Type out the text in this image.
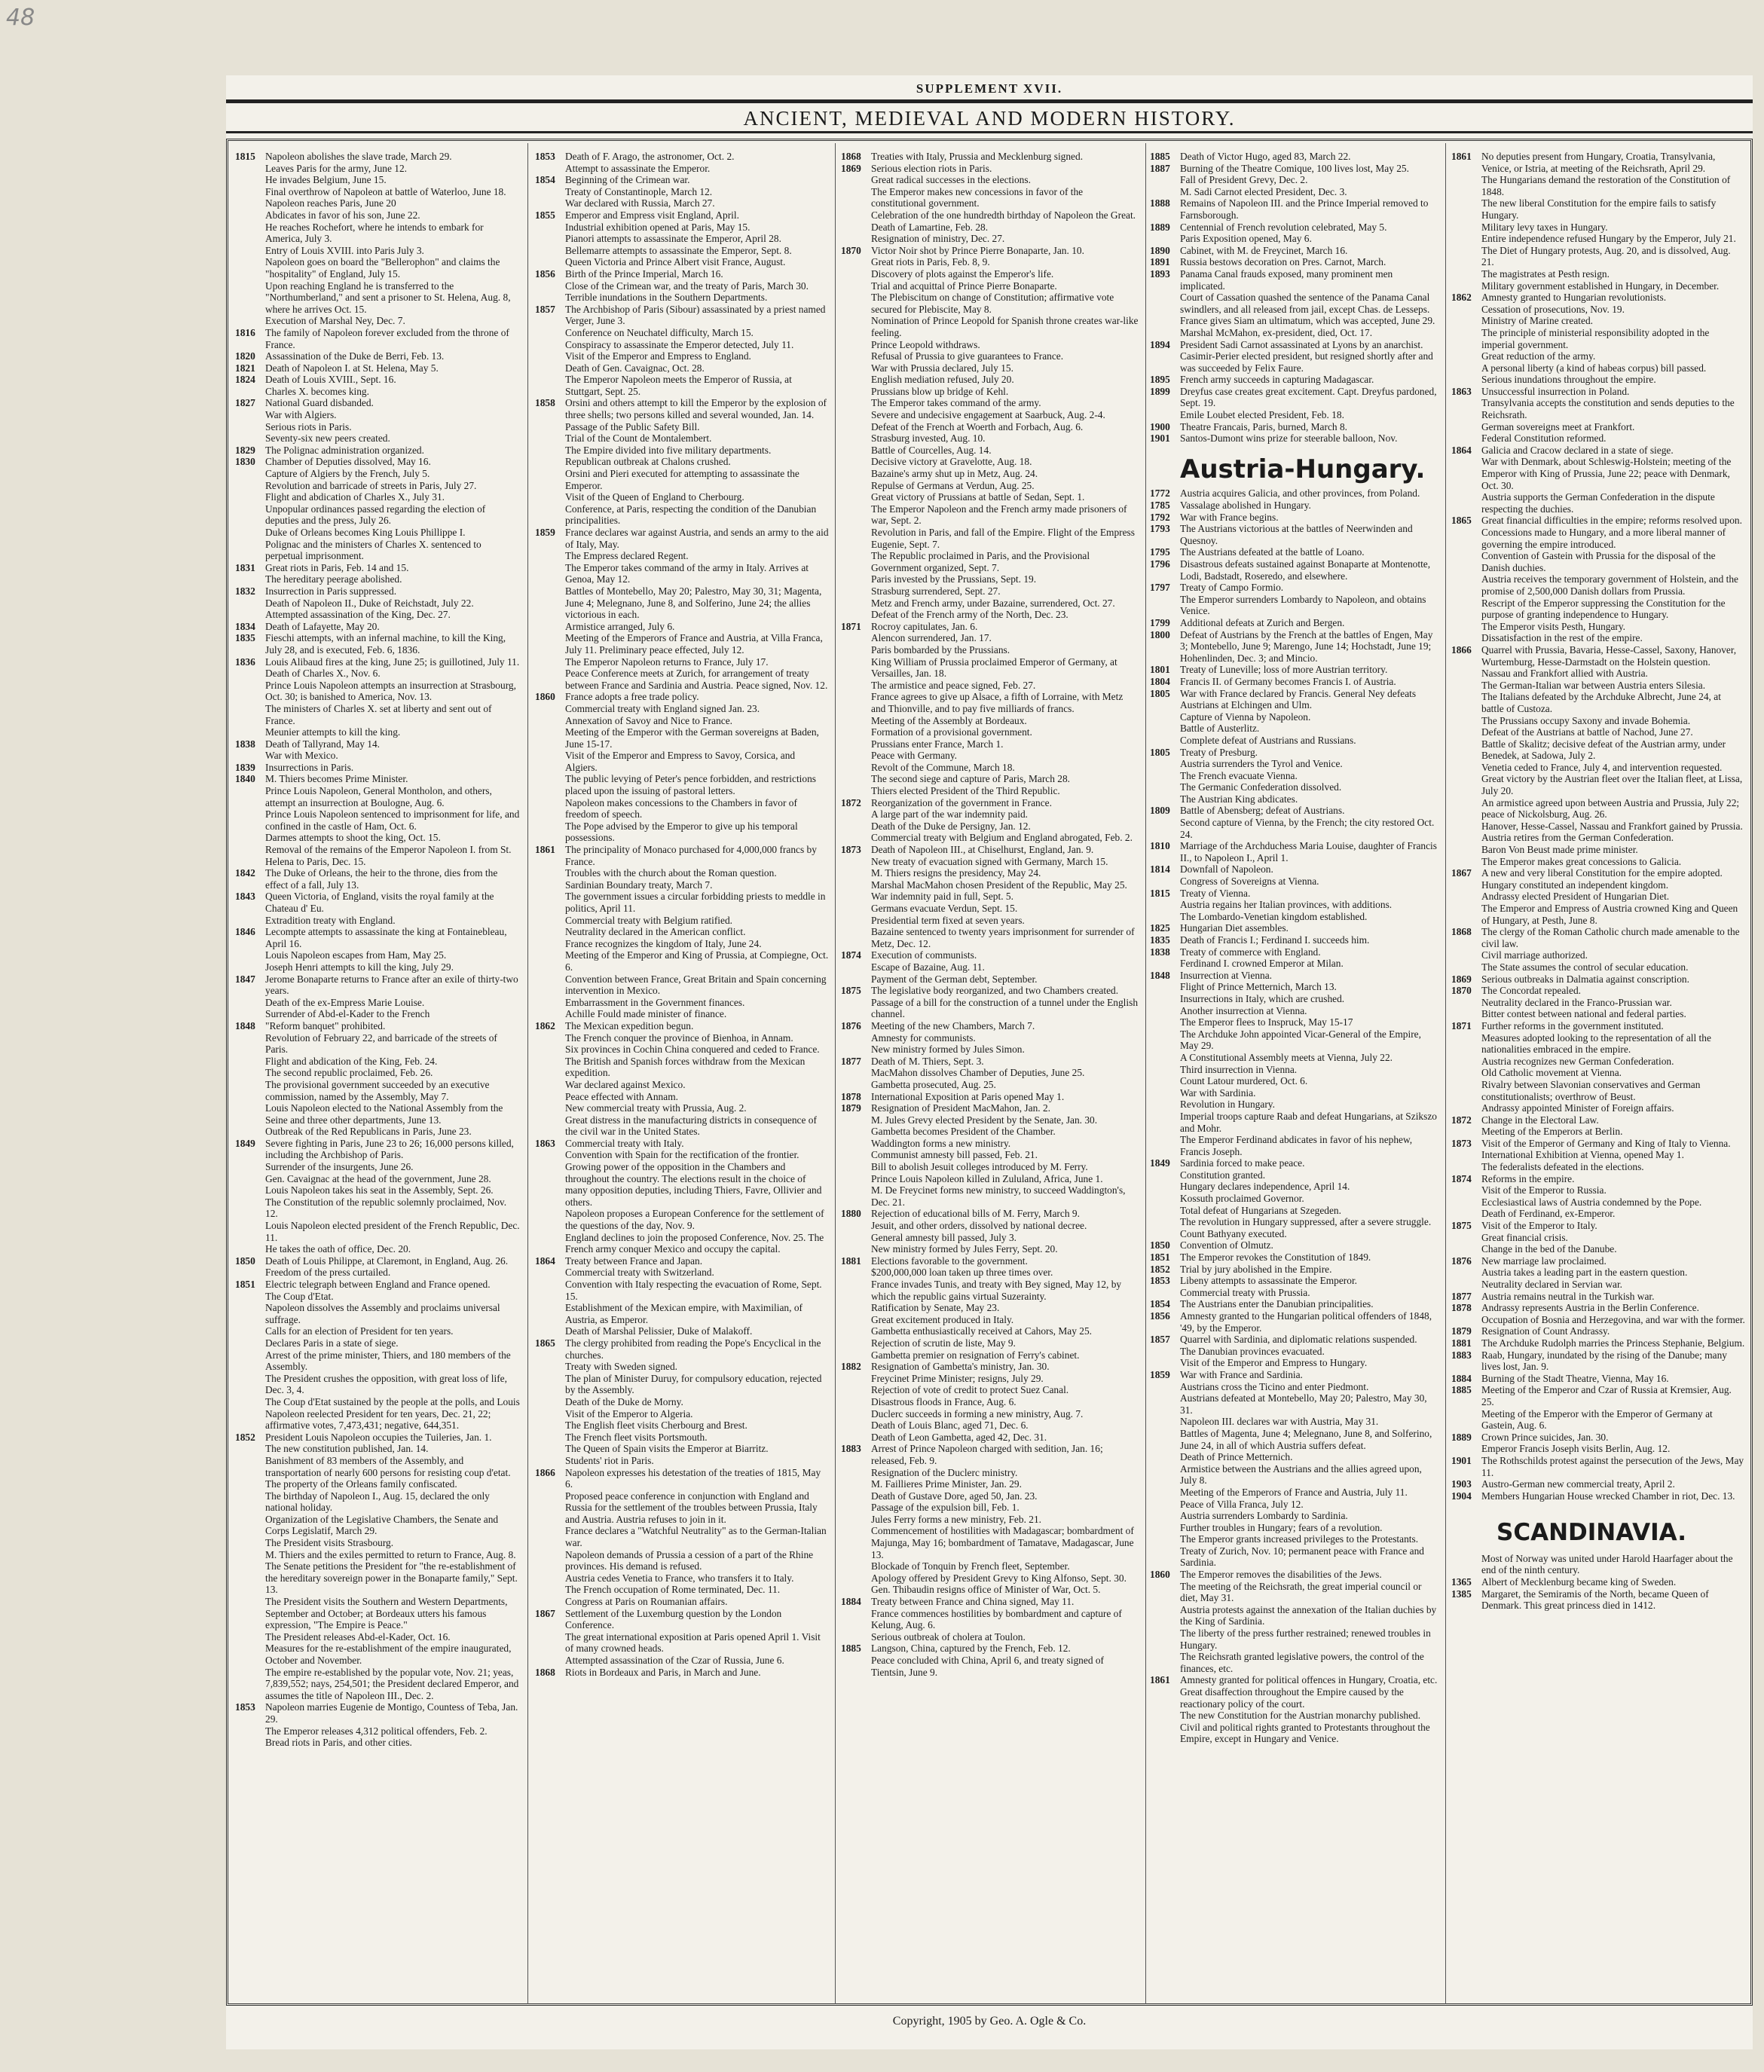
48
SUPPLEMENT XVII.
ANCIENT, MEDIEVAL AND MODERN HISTORY.
1815 Napoleon abolishes the slave trade, March 29.
Leaves Paris for the army, June 12.
He invades Belgium, June 15.
Final overthrow of Napoleon at battle of Waterloo, June 18.
Napoleon reaches Paris, June 20
Abdicates in favor of his son, June 22.
He reaches Rochefort, where he intends to embark for America, July 3.
Entry of Louis XVIII. into Paris July 3.
Napoleon goes on board the "Bellerophon" and claims the "hospitality" of England, July 15.
Upon reaching England he is transferred to the "Northumberland," and sent a prisoner to St. Helena, Aug. 8, where he arrives Oct. 15.
Execution of Marshal Ney, Dec. 7.
1816 The family of Napoleon forever excluded from the throne of France.
1820 Assassination of the Duke de Berri, Feb. 13.
1821 Death of Napoleon I. at St. Helena, May 5.
1824 Death of Louis XVIII., Sept. 16.
Charles X. becomes king.
1827 National Guard disbanded.
War with Algiers.
Serious riots in Paris.
Seventy-six new peers created.
1829 The Polignac administration organized.
1830 Chamber of Deputies dissolved, May 16.
Capture of Algiers by the French, July 5.
Revolution and barricade of streets in Paris, July 27.
Flight and abdication of Charles X., July 31.
Unpopular ordinances passed regarding the election of deputies and the press, July 26.
Duke of Orleans becomes King Louis Phillippe I.
Polignac and the ministers of Charles X. sentenced to perpetual imprisonment.
1831 Great riots in Paris, Feb. 14 and 15.
The hereditary peerage abolished.
1832 Insurrection in Paris suppressed.
Death of Napoleon II., Duke of Reichstadt, July 22.
Attempted assassination of the King, Dec. 27.
1834 Death of Lafayette, May 20.
1835 Fieschi attempts, with an infernal machine, to kill the King, July 28, and is executed, Feb. 6, 1836.
1836 Louis Alibaud fires at the king, June 25; is guillotined, July 11.
Death of Charles X., Nov. 6.
Prince Louis Napoleon attempts an insurrection at Strasbourg, Oct. 30; is banished to America, Nov. 13.
The ministers of Charles X. set at liberty and sent out of France.
Meunier attempts to kill the king.
1838 Death of Tallyrand, May 14.
War with Mexico.
1839 Insurrections in Paris.
1840 M. Thiers becomes Prime Minister.
Prince Louis Napoleon, General Montholon, and others, attempt an insurrection at Boulogne, Aug. 6.
Prince Louis Napoleon sentenced to imprisonment for life, and confined in the castle of Ham, Oct. 6.
Darmes attempts to shoot the king, Oct. 15.
Removal of the remains of the Emperor Napoleon I. from St. Helena to Paris, Dec. 15.
1842 The Duke of Orleans, the heir to the throne, dies from the effect of a fall, July 13.
1843 Queen Victoria, of England, visits the royal family at the Chateau d' Eu.
Extradition treaty with England.
1846 Lecompte attempts to assassinate the king at Fontainebleau, April 16.
Louis Napoleon escapes from Ham, May 25.
Joseph Henri attempts to kill the king, July 29.
1847 Jerome Bonaparte returns to France after an exile of thirty-two years.
Death of the ex-Empress Marie Louise.
Surrender of Abd-el-Kader to the French
1848 "Reform banquet" prohibited.
Revolution of February 22, and barricade of the streets of Paris.
Flight and abdication of the King, Feb. 24.
The second republic proclaimed, Feb. 26.
The provisional government succeeded by an executive commission, named by the Assembly, May 7.
Louis Napoleon elected to the National Assembly from the Seine and three other departments, June 13.
Outbreak of the Red Republicans in Paris, June 23.
1849 Severe fighting in Paris, June 23 to 26; 16,000 persons killed, including the Archbishop of Paris.
Surrender of the insurgents, June 26.
Gen. Cavaignac at the head of the government, June 28.
Louis Napoleon takes his seat in the Assembly, Sept. 26.
The Constitution of the republic solemnly proclaimed, Nov. 12.
Louis Napoleon elected president of the French Republic, Dec. 11.
He takes the oath of office, Dec. 20.
1850 Death of Louis Philippe, at Claremont, in England, Aug. 26.
Freedom of the press curtailed.
1851 Electric telegraph between England and France opened.
The Coup d'Etat.
Napoleon dissolves the Assembly and proclaims universal suffrage.
Calls for an election of President for ten years.
Declares Paris in a state of siege.
Arrest of the prime minister, Thiers, and 180 members of the Assembly.
The President crushes the opposition, with great loss of life, Dec. 3, 4.
The Coup d'Etat sustained by the people at the polls, and Louis Napoleon reelected President for ten years, Dec. 21, 22; affirmative votes, 7,473,431; negative, 644,351.
1852 President Louis Napoleon occupies the Tuileries, Jan. 1.
The new constitution published, Jan. 14.
Banishment of 83 members of the Assembly, and transportation of nearly 600 persons for resisting coup d'etat.
The property of the Orleans family confiscated.
The birthday of Napoleon I., Aug. 15, declared the only national holiday.
Organization of the Legislative Chambers, the Senate and Corps Legislatif, March 29.
The President visits Strasbourg.
M. Thiers and the exiles permitted to return to France, Aug. 8.
The Senate petitions the President for "the re-establishment of the hereditary sovereign power in the Bonaparte family," Sept. 13.
The President visits the Southern and Western Departments, September and October; at Bordeaux utters his famous expression, "The Empire is Peace."
The President releases Abd-el-Kader, Oct. 16.
Measures for the re-establishment of the empire inaugurated, October and November.
The empire re-established by the popular vote, Nov. 21; yeas, 7,839,552; nays, 254,501; the President declared Emperor, and assumes the title of Napoleon III., Dec. 2.
1853 Napoleon marries Eugenie de Montigo, Countess of Teba, Jan. 29.
The Emperor releases 4,312 political offenders, Feb. 2.
Bread riots in Paris, and other cities.
1853 Death of F. Arago, the astronomer, Oct. 2.
Attempt to assassinate the Emperor.
1854 Beginning of the Crimean war.
Treaty of Constantinople, March 12.
War declared with Russia, March 27.
1855 Emperor and Empress visit England, April.
Industrial exhibition opened at Paris, May 15.
Pianori attempts to assassinate the Emperor, April 28.
Bellemarre attempts to assassinate the Emperor, Sept. 8.
Queen Victoria and Prince Albert visit France, August.
1856 Birth of the Prince Imperial, March 16.
Close of the Crimean war, and the treaty of Paris, March 30.
Terrible inundations in the Southern Departments.
1857 The Archbishop of Paris (Sibour) assassinated by a priest named Verger, June 3.
Conference on Neuchatel difficulty, March 15.
Conspiracy to assassinate the Emperor detected, July 11.
Visit of the Emperor and Empress to England.
Death of Gen. Cavaignac, Oct. 28.
The Emperor Napoleon meets the Emperor of Russia, at Stuttgart, Sept. 25.
1858 Orsini and others attempt to kill the Emperor by the explosion of three shells; two persons killed and several wounded, Jan. 14.
Passage of the Public Safety Bill.
Trial of the Count de Montalembert.
The Empire divided into five military departments.
Republican outbreak at Chalons crushed.
Orsini and Pieri executed for attempting to assassinate the Emperor.
Visit of the Queen of England to Cherbourg.
Conference, at Paris, respecting the condition of the Danubian principalities.
1859 France declares war against Austria, and sends an army to the aid of Italy, May.
The Empress declared Regent.
The Emperor takes command of the army in Italy. Arrives at Genoa, May 12.
Battles of Montebello, May 20; Palestro, May 30, 31; Magenta, June 4; Melegnano, June 8, and Solferino, June 24; the allies victorious in each.
Armistice arranged, July 6.
Meeting of the Emperors of France and Austria, at Villa Franca, July 11. Preliminary peace effected, July 12.
The Emperor Napoleon returns to France, July 17.
Peace Conference meets at Zurich, for arrangement of treaty between France and Sardinia and Austria. Peace signed, Nov. 12.
1860 France adopts a free trade policy.
Commercial treaty with England signed Jan. 23.
Annexation of Savoy and Nice to France.
Meeting of the Emperor with the German sovereigns at Baden, June 15-17.
Visit of the Emperor and Empress to Savoy, Corsica, and Algiers.
The public levying of Peter's pence forbidden, and restrictions placed upon the issuing of pastoral letters.
Napoleon makes concessions to the Chambers in favor of freedom of speech.
The Pope advised by the Emperor to give up his temporal possessions.
1861 The principality of Monaco purchased for 4,000,000 francs by France.
Troubles with the church about the Roman question.
Sardinian Boundary treaty, March 7.
The government issues a circular forbidding priests to meddle in politics, April 11.
Commercial treaty with Belgium ratified.
Neutrality declared in the American conflict.
France recognizes the kingdom of Italy, June 24.
Meeting of the Emperor and King of Prussia, at Compiegne, Oct. 6.
Convention between France, Great Britain and Spain concerning intervention in Mexico.
Embarrassment in the Government finances.
Achille Fould made minister of finance.
1862 The Mexican expedition begun.
The French conquer the province of Bienhoa, in Annam.
Six provinces in Cochin China conquered and ceded to France.
The British and Spanish forces withdraw from the Mexican expedition.
War declared against Mexico.
Peace effected with Annam.
New commercial treaty with Prussia, Aug. 2.
Great distress in the manufacturing districts in consequence of the civil war in the United States.
1863 Commercial treaty with Italy.
Convention with Spain for the rectification of the frontier.
Growing power of the opposition in the Chambers and throughout the country. The elections result in the choice of many opposition deputies, including Thiers, Favre, Ollivier and others.
Napoleon proposes a European Conference for the settlement of the questions of the day, Nov. 9.
England declines to join the proposed Conference, Nov. 25. The French army conquer Mexico and occupy the capital.
1864 Treaty between France and Japan.
Commercial treaty with Switzerland.
Convention with Italy respecting the evacuation of Rome, Sept. 15.
Establishment of the Mexican empire, with Maximilian, of Austria, as Emperor.
Death of Marshal Pelissier, Duke of Malakoff.
1865 The clergy prohibited from reading the Pope's Encyclical in the churches.
Treaty with Sweden signed.
The plan of Minister Duruy, for compulsory education, rejected by the Assembly.
Death of the Duke de Morny.
Visit of the Emperor to Algeria.
The English fleet visits Cherbourg and Brest.
The French fleet visits Portsmouth.
The Queen of Spain visits the Emperor at Biarritz.
Students' riot in Paris.
1866 Napoleon expresses his detestation of the treaties of 1815, May 6.
Proposed peace conference in conjunction with England and Russia for the settlement of the troubles between Prussia, Italy and Austria. Austria refuses to join in it.
France declares a "Watchful Neutrality" as to the German-Italian war.
Napoleon demands of Prussia a cession of a part of the Rhine provinces. His demand is refused.
Austria cedes Venetia to France, who transfers it to Italy.
The French occupation of Rome terminated, Dec. 11.
Congress at Paris on Roumanian affairs.
1867 Settlement of the Luxemburg question by the London Conference.
The great international exposition at Paris opened April 1. Visit of many crowned heads.
Attempted assassination of the Czar of Russia, June 6.
1868 Riots in Bordeaux and Paris, in March and June.
1868 Treaties with Italy, Prussia and Mecklenburg signed.
1869 Serious election riots in Paris.
Great radical successes in the elections.
The Emperor makes new concessions in favor of the constitutional government.
Celebration of the one hundredth birthday of Napoleon the Great.
Death of Lamartine, Feb. 28.
Resignation of ministry, Dec. 27.
1870 Victor Noir shot by Prince Pierre Bonaparte, Jan. 10.
Great riots in Paris, Feb. 8, 9.
Discovery of plots against the Emperor's life.
Trial and acquittal of Prince Pierre Bonaparte.
The Plebiscitum on change of Constitution; affirmative vote secured for Plebiscite, May 8.
Nomination of Prince Leopold for Spanish throne creates war-like feeling.
Prince Leopold withdraws.
Refusal of Prussia to give guarantees to France.
War with Prussia declared, July 15.
English mediation refused, July 20.
Prussians blow up bridge of Kehl.
The Emperor takes command of the army.
Severe and undecisive engagement at Saarbuck, Aug. 2-4.
Defeat of the French at Woerth and Forbach, Aug. 6.
Strasburg invested, Aug. 10.
Battle of Courcelles, Aug. 14.
Decisive victory at Gravelotte, Aug. 18.
Bazaine's army shut up in Metz, Aug. 24.
Repulse of Germans at Verdun, Aug. 25.
Great victory of Prussians at battle of Sedan, Sept. 1.
The Emperor Napoleon and the French army made prisoners of war, Sept. 2.
Revolution in Paris, and fall of the Empire. Flight of the Empress Eugenie, Sept. 7.
The Republic proclaimed in Paris, and the Provisional Government organized, Sept. 7.
Paris invested by the Prussians, Sept. 19.
Strasburg surrendered, Sept. 27.
Metz and French army, under Bazaine, surrendered, Oct. 27.
Defeat of the French army of the North, Dec. 23.
1871 Rocroy capitulates, Jan. 6.
Alencon surrendered, Jan. 17.
Paris bombarded by the Prussians.
King William of Prussia proclaimed Emperor of Germany, at Versailles, Jan. 18.
The armistice and peace signed, Feb. 27.
France agrees to give up Alsace, a fifth of Lorraine, with Metz and Thionville, and to pay five milliards of francs.
Meeting of the Assembly at Bordeaux.
Formation of a provisional government.
Prussians enter France, March 1.
Peace with Germany.
Revolt of the Commune, March 18.
The second siege and capture of Paris, March 28.
Thiers elected President of the Third Republic.
1872 Reorganization of the government in France.
A large part of the war indemnity paid.
Death of the Duke de Persigny, Jan. 12.
Commercial treaty with Belgium and England abrogated, Feb. 2.
1873 Death of Napoleon III., at Chiselhurst, England, Jan. 9.
New treaty of evacuation signed with Germany, March 15.
M. Thiers resigns the presidency, May 24.
Marshal MacMahon chosen President of the Republic, May 25.
War indemnity paid in full, Sept. 5.
Germans evacuate Verdun, Sept. 15.
Presidential term fixed at seven years.
Bazaine sentenced to twenty years imprisonment for surrender of Metz, Dec. 12.
1874 Execution of communists.
Escape of Bazaine, Aug. 11.
Payment of the German debt, September.
1875 The legislative body reorganized, and two Chambers created.
Passage of a bill for the construction of a tunnel under the English channel.
1876 Meeting of the new Chambers, March 7.
Amnesty for communists.
New ministry formed by Jules Simon.
1877 Death of M. Thiers, Sept. 3.
MacMahon dissolves Chamber of Deputies, June 25.
Gambetta prosecuted, Aug. 25.
1878 International Exposition at Paris opened May 1.
1879 Resignation of President MacMahon, Jan. 2.
M. Jules Grevy elected President by the Senate, Jan. 30.
Gambetta becomes President of the Chamber.
Waddington forms a new ministry.
Communist amnesty bill passed, Feb. 21.
Bill to abolish Jesuit colleges introduced by M. Ferry.
Prince Louis Napoleon killed in Zululand, Africa, June 1.
M. De Freycinet forms new ministry, to succeed Waddington's, Dec. 21.
1880 Rejection of educational bills of M. Ferry, March 9.
Jesuit, and other orders, dissolved by national decree.
General amnesty bill passed, July 3.
New ministry formed by Jules Ferry, Sept. 20.
1881 Elections favorable to the government.
$200,000,000 loan taken up three times over.
France invades Tunis, and treaty with Bey signed, May 12, by which the republic gains virtual Suzerainty.
Ratification by Senate, May 23.
Great excitement produced in Italy.
Gambetta enthusiastically received at Cahors, May 25.
Rejection of scrutin de liste, May 9.
Gambetta premier on resignation of Ferry's cabinet.
1882 Resignation of Gambetta's ministry, Jan. 30.
Freycinet Prime Minister; resigns, July 29.
Rejection of vote of credit to protect Suez Canal.
Disastrous floods in France, Aug. 6.
Duclerc succeeds in forming a new ministry, Aug. 7.
Death of Louis Blanc, aged 71, Dec. 6.
Death of Leon Gambetta, aged 42, Dec. 31.
1883 Arrest of Prince Napoleon charged with sedition, Jan. 16; released, Feb. 9.
Resignation of the Duclerc ministry.
M. Faillieres Prime Minister, Jan. 29.
Death of Gustave Dore, aged 50, Jan. 23.
Passage of the expulsion bill, Feb. 1.
Jules Ferry forms a new ministry, Feb. 21.
Commencement of hostilities with Madagascar; bombardment of Majunga, May 16; bombardment of Tamatave, Madagascar, June 13.
Blockade of Tonquin by French fleet, September.
Apology offered by President Grevy to King Alfonso, Sept. 30.
Gen. Thibaudin resigns office of Minister of War, Oct. 5.
1884 Treaty between France and China signed, May 11.
France commences hostilities by bombardment and capture of Kelung, Aug. 6.
Serious outbreak of cholera at Toulon.
1885 Langson, China, captured by the French, Feb. 12.
Peace concluded with China, April 6, and treaty signed of Tientsin, June 9.
1885 Death of Victor Hugo, aged 83, March 22.
1887 Burning of the Theatre Comique, 100 lives lost, May 25.
Fall of President Grevy, Dec. 2.
M. Sadi Carnot elected President, Dec. 3.
1888 Remains of Napoleon III. and the Prince Imperial removed to Farnsborough.
1889 Centennial of French revolution celebrated, May 5.
Paris Exposition opened, May 6.
1890 Cabinet, with M. de Freycinet, March 16.
1891 Russia bestows decoration on Pres. Carnot, March.
1893 Panama Canal frauds exposed, many prominent men implicated.
Court of Cassation quashed the sentence of the Panama Canal swindlers, and all released from jail, except Chas. de Lesseps.
France gives Siam an ultimatum, which was accepted, June 29.
Marshal McMahon, ex-president, died, Oct. 17.
1894 President Sadi Carnot assassinated at Lyons by an anarchist.
Casimir-Perier elected president, but resigned shortly after and was succeeded by Felix Faure.
1895 French army succeeds in capturing Madagascar.
1899 Dreyfus case creates great excitement. Capt. Dreyfus pardoned, Sept. 19.
Emile Loubet elected President, Feb. 18.
1900 Theatre Francais, Paris, burned, March 8.
1901 Santos-Dumont wins prize for steerable balloon, Nov.
Austria-Hungary.
1772 Austria acquires Galicia, and other provinces, from Poland.
1785 Vassalage abolished in Hungary.
1792 War with France begins.
1793 The Austrians victorious at the battles of Neerwinden and Quesnoy.
1795 The Austrians defeated at the battle of Loano.
1796 Disastrous defeats sustained against Bonaparte at Montenotte, Lodi, Badstadt, Roseredo, and elsewhere.
1797 Treaty of Campo Formio.
The Emperor surrenders Lombardy to Napoleon, and obtains Venice.
1799 Additional defeats at Zurich and Bergen.
1800 Defeat of Austrians by the French at the battles of Engen, May 3; Montebello, June 9; Marengo, June 14; Hochstadt, June 19; Hohenlinden, Dec. 3; and Mincio.
1801 Treaty of Luneville; loss of more Austrian territory.
1804 Francis II. of Germany becomes Francis I. of Austria.
1805 War with France declared by Francis. General Ney defeats Austrians at Elchingen and Ulm.
Capture of Vienna by Napoleon.
Battle of Austerlitz.
Complete defeat of Austrians and Russians.
1805 Treaty of Presburg.
Austria surrenders the Tyrol and Venice.
The French evacuate Vienna.
The Germanic Confederation dissolved.
The Austrian King abdicates.
1809 Battle of Abensberg; defeat of Austrians.
Second capture of Vienna, by the French; the city restored Oct. 24.
1810 Marriage of the Archduchess Maria Louise, daughter of Francis II., to Napoleon I., April 1.
1814 Downfall of Napoleon.
Congress of Sovereigns at Vienna.
1815 Treaty of Vienna.
Austria regains her Italian provinces, with additions.
The Lombardo-Venetian kingdom established.
1825 Hungarian Diet assembles.
1835 Death of Francis I.; Ferdinand I. succeeds him.
1838 Treaty of commerce with England.
Ferdinand I. crowned Emperor at Milan.
1848 Insurrection at Vienna.
Flight of Prince Metternich, March 13.
Insurrections in Italy, which are crushed.
Another insurrection at Vienna.
The Emperor flees to Inspruck, May 15-17
The Archduke John appointed Vicar-General of the Empire, May 29.
A Constitutional Assembly meets at Vienna, July 22.
Third insurrection in Vienna.
Count Latour murdered, Oct. 6.
War with Sardinia.
Revolution in Hungary.
Imperial troops capture Raab and defeat Hungarians, at Szikszo and Mohr.
The Emperor Ferdinand abdicates in favor of his nephew, Francis Joseph.
1849 Sardinia forced to make peace.
Constitution granted.
Hungary declares independence, April 14.
Kossuth proclaimed Governor.
Total defeat of Hungarians at Szegeden.
The revolution in Hungary suppressed, after a severe struggle.
Count Bathyany executed.
1850 Convention of Olmutz.
1851 The Emperor revokes the Constitution of 1849.
1852 Trial by jury abolished in the Empire.
1853 Libeny attempts to assassinate the Emperor.
Commercial treaty with Prussia.
1854 The Austrians enter the Danubian principalities.
1856 Amnesty granted to the Hungarian political offenders of 1848, '49, by the Emperor.
1857 Quarrel with Sardinia, and diplomatic relations suspended.
The Danubian provinces evacuated.
Visit of the Emperor and Empress to Hungary.
1859 War with France and Sardinia.
Austrians cross the Ticino and enter Piedmont.
Austrians defeated at Montebello, May 20; Palestro, May 30, 31.
Napoleon III. declares war with Austria, May 31.
Battles of Magenta, June 4; Melegnano, June 8, and Solferino, June 24, in all of which Austria suffers defeat.
Death of Prince Metternich.
Armistice between the Austrians and the allies agreed upon, July 8.
Meeting of the Emperors of France and Austria, July 11.
Peace of Villa Franca, July 12.
Austria surrenders Lombardy to Sardinia.
Further troubles in Hungary; fears of a revolution.
The Emperor grants increased privileges to the Protestants.
Treaty of Zurich, Nov. 10; permanent peace with France and Sardinia.
1860 The Emperor removes the disabilities of the Jews.
The meeting of the Reichsrath, the great imperial council or diet, May 31.
Austria protests against the annexation of the Italian duchies by the King of Sardinia.
The liberty of the press further restrained; renewed troubles in Hungary.
The Reichsrath granted legislative powers, the control of the finances, etc.
1861 Amnesty granted for political offences in Hungary, Croatia, etc.
Great disaffection throughout the Empire caused by the reactionary policy of the court.
The new Constitution for the Austrian monarchy published.
Civil and political rights granted to Protestants throughout the Empire, except in Hungary and Venice.
1861 No deputies present from Hungary, Croatia, Transylvania, Venice, or Istria, at meeting of the Reichsrath, April 29.
The Hungarians demand the restoration of the Constitution of 1848.
The new liberal Constitution for the empire fails to satisfy Hungary.
Military levy taxes in Hungary.
Entire independence refused Hungary by the Emperor, July 21.
The Diet of Hungary protests, Aug. 20, and is dissolved, Aug. 21.
The magistrates at Pesth resign.
Military government established in Hungary, in December.
1862 Amnesty granted to Hungarian revolutionists.
Cessation of prosecutions, Nov. 19.
Ministry of Marine created.
The principle of ministerial responsibility adopted in the imperial government.
Great reduction of the army.
A personal liberty (a kind of habeas corpus) bill passed.
Serious inundations throughout the empire.
1863 Unsuccessful insurrection in Poland.
Transylvania accepts the constitution and sends deputies to the Reichsrath.
German sovereigns meet at Frankfort.
Federal Constitution reformed.
1864 Galicia and Cracow declared in a state of siege.
War with Denmark, about Schleswig-Holstein; meeting of the Emperor with King of Prussia, June 22; peace with Denmark, Oct. 30.
Austria supports the German Confederation in the dispute respecting the duchies.
1865 Great financial difficulties in the empire; reforms resolved upon.
Concessions made to Hungary, and a more liberal manner of governing the empire introduced.
Convention of Gastein with Prussia for the disposal of the Danish duchies.
Austria receives the temporary government of Holstein, and the promise of 2,500,000 Danish dollars from Prussia.
Rescript of the Emperor suppressing the Constitution for the purpose of granting independence to Hungary.
The Emperor visits Pesth, Hungary.
Dissatisfaction in the rest of the empire.
1866 Quarrel with Prussia, Bavaria, Hesse-Cassel, Saxony, Hanover, Wurtemburg, Hesse-Darmstadt on the Holstein question.
Nassau and Frankfort allied with Austria.
The German-Italian war between Austria enters Silesia.
The Italians defeated by the Archduke Albrecht, June 24, at battle of Custoza.
The Prussians occupy Saxony and invade Bohemia.
Defeat of the Austrians at battle of Nachod, June 27.
Battle of Skalitz; decisive defeat of the Austrian army, under Benedek, at Sadowa, July 2.
Venetia ceded to France, July 4, and intervention requested.
Great victory by the Austrian fleet over the Italian fleet, at Lissa, July 20.
An armistice agreed upon between Austria and Prussia, July 22; peace of Nickolsburg, Aug. 26.
Hanover, Hesse-Cassel, Nassau and Frankfort gained by Prussia.
Austria retires from the German Confederation.
Baron Von Beust made prime minister.
The Emperor makes great concessions to Galicia.
1867 A new and very liberal Constitution for the empire adopted.
Hungary constituted an independent kingdom.
Andrassy elected President of Hungarian Diet.
The Emperor and Empress of Austria crowned King and Queen of Hungary, at Pesth, June 8.
1868 The clergy of the Roman Catholic church made amenable to the civil law.
Civil marriage authorized.
The State assumes the control of secular education.
1869 Serious outbreaks in Dalmatia against conscription.
1870 The Concordat repealed.
Neutrality declared in the Franco-Prussian war.
Bitter contest between national and federal parties.
1871 Further reforms in the government instituted.
Measures adopted looking to the representation of all the nationalities embraced in the empire.
Austria recognizes new German Confederation.
Old Catholic movement at Vienna.
Rivalry between Slavonian conservatives and German constitutionalists; overthrow of Beust.
Andrassy appointed Minister of Foreign affairs.
1872 Change in the Electoral Law.
Meeting of the Emperors at Berlin.
1873 Visit of the Emperor of Germany and King of Italy to Vienna.
International Exhibition at Vienna, opened May 1.
The federalists defeated in the elections.
1874 Reforms in the empire.
Visit of the Emperor to Russia.
Ecclesiastical laws of Austria condemned by the Pope.
Death of Ferdinand, ex-Emperor.
1875 Visit of the Emperor to Italy.
Great financial crisis.
Change in the bed of the Danube.
1876 New marriage law proclaimed.
Austria takes a leading part in the eastern question.
Neutrality declared in Servian war.
1877 Austria remains neutral in the Turkish war.
1878 Andrassy represents Austria in the Berlin Conference.
Occupation of Bosnia and Herzegovina, and war with the former.
1879 Resignation of Count Andrassy.
1881 The Archduke Rudolph marries the Princess Stephanie, Belgium.
1883 Raab, Hungary, inundated by the rising of the Danube; many lives lost, Jan. 9.
1884 Burning of the Stadt Theatre, Vienna, May 16.
1885 Meeting of the Emperor and Czar of Russia at Kremsier, Aug. 25.
Meeting of the Emperor with the Emperor of Germany at Gastein, Aug. 6.
1889 Crown Prince suicides, Jan. 30.
Emperor Francis Joseph visits Berlin, Aug. 12.
1901 The Rothschilds protest against the persecution of the Jews, May 11.
1903 Austro-German new commercial treaty, April 2.
1904 Members Hungarian House wrecked Chamber in riot, Dec. 13.
SCANDINAVIA.
Most of Norway was united under Harold Haarfager about the end of the ninth century.
1365 Albert of Mecklenburg became king of Sweden.
1385 Margaret, the Semiramis of the North, became Queen of Denmark. This great princess died in 1412.
Copyright, 1905 by Geo. A. Ogle & Co.
